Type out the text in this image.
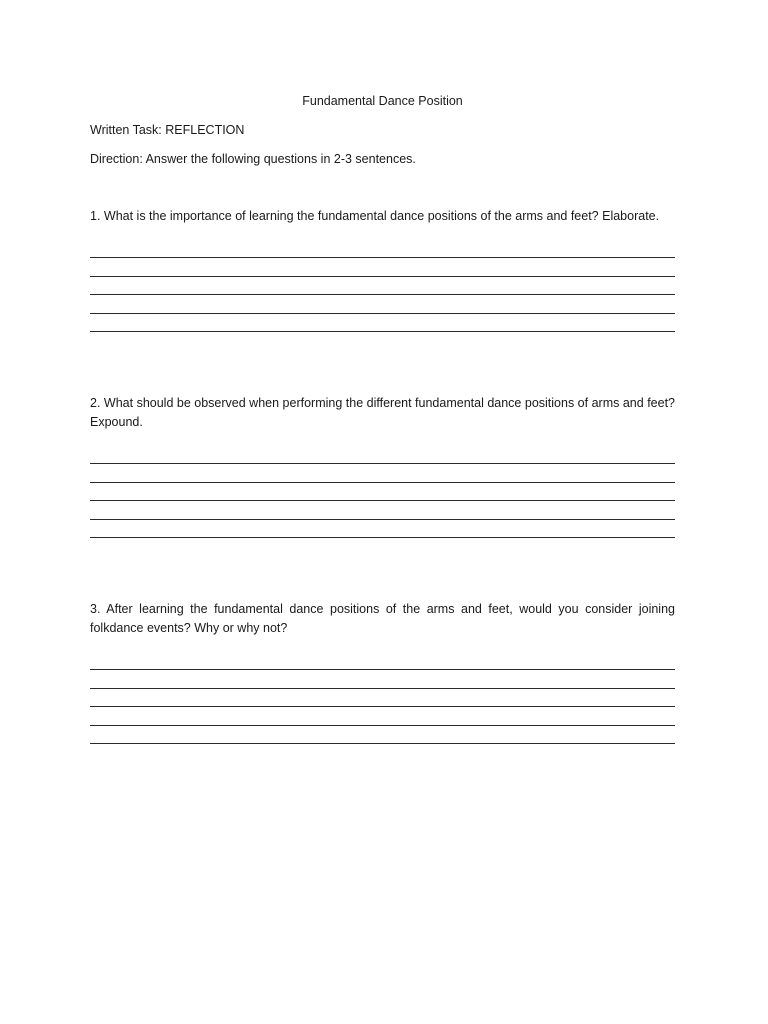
Fundamental Dance Position

Written Task: REFLECTION

Direction: Answer the following questions in 2-3 sentences.

1. What is the importance of learning the fundamental dance positions of the arms and feet? Elaborate.

2. What should be observed when performing the different fundamental dance positions of arms and feet? Expound.

3. After learning the fundamental dance positions of the arms and feet, would you consider joining folkdance events? Why or why not?
